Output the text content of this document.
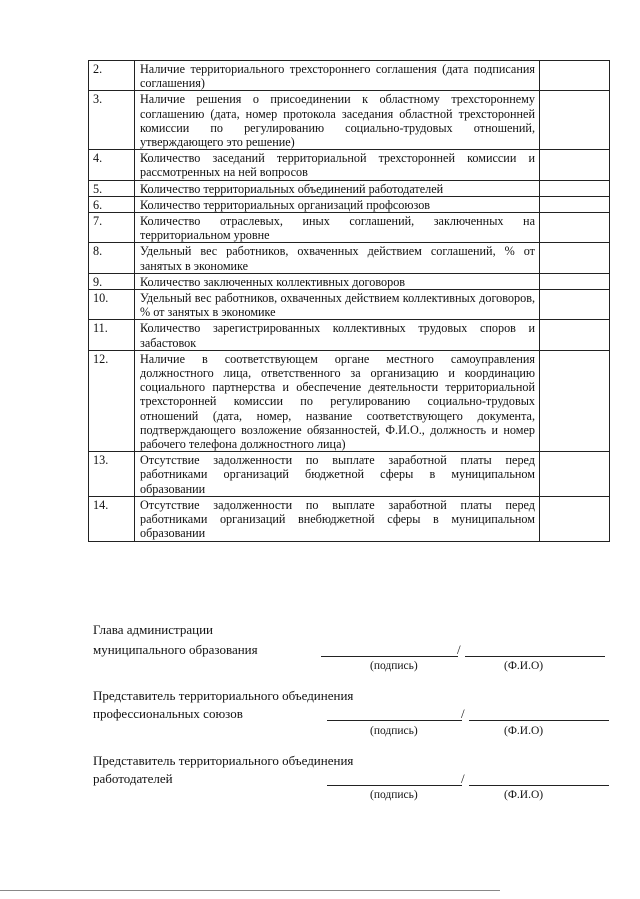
2.	Наличие территориального трехстороннего соглашения (дата подписания соглашения)	
3.	Наличие решения о присоединении к областному трехстороннему соглашению (дата, номер протокола заседания областной трехсторонней комиссии по регулированию социально-трудовых отношений, утверждающего это решение)	
4.	Количество заседаний территориальной трехсторонней комиссии и рассмотренных на ней вопросов	
5.	Количество территориальных объединений работодателей	
6.	Количество территориальных организаций профсоюзов	
7.	Количество отраслевых, иных соглашений, заключенных на территориальном уровне	
8.	Удельный вес работников, охваченных действием соглашений, % от занятых в экономике	
9.	Количество заключенных коллективных договоров	
10.	Удельный вес работников, охваченных действием коллективных договоров, % от занятых в экономике	
11.	Количество зарегистрированных коллективных трудовых споров и забастовок	
12.	Наличие в соответствующем органе местного самоуправления должностного лица, ответственного за организацию и координацию социального партнерства и обеспечение деятельности территориальной трехсторонней комиссии по регулированию социально-трудовых отношений (дата, номер, название соответствующего документа, подтверждающего возложение обязанностей, Ф.И.О., должность и номер рабочего телефона должностного лица)	
13.	Отсутствие задолженности по выплате заработной платы перед работниками организаций бюджетной сферы в муниципальном образовании	
14.	Отсутствие задолженности по выплате заработной платы перед работниками организаций внебюджетной сферы в муниципальном образовании	
Глава администрации
муниципального образования	/
(подпись)	(Ф.И.О)
Представитель территориального объединения
профессиональных союзов	/
(подпись)	(Ф.И.О)
Представитель территориального объединения
работодателей	/
(подпись)	(Ф.И.О)
